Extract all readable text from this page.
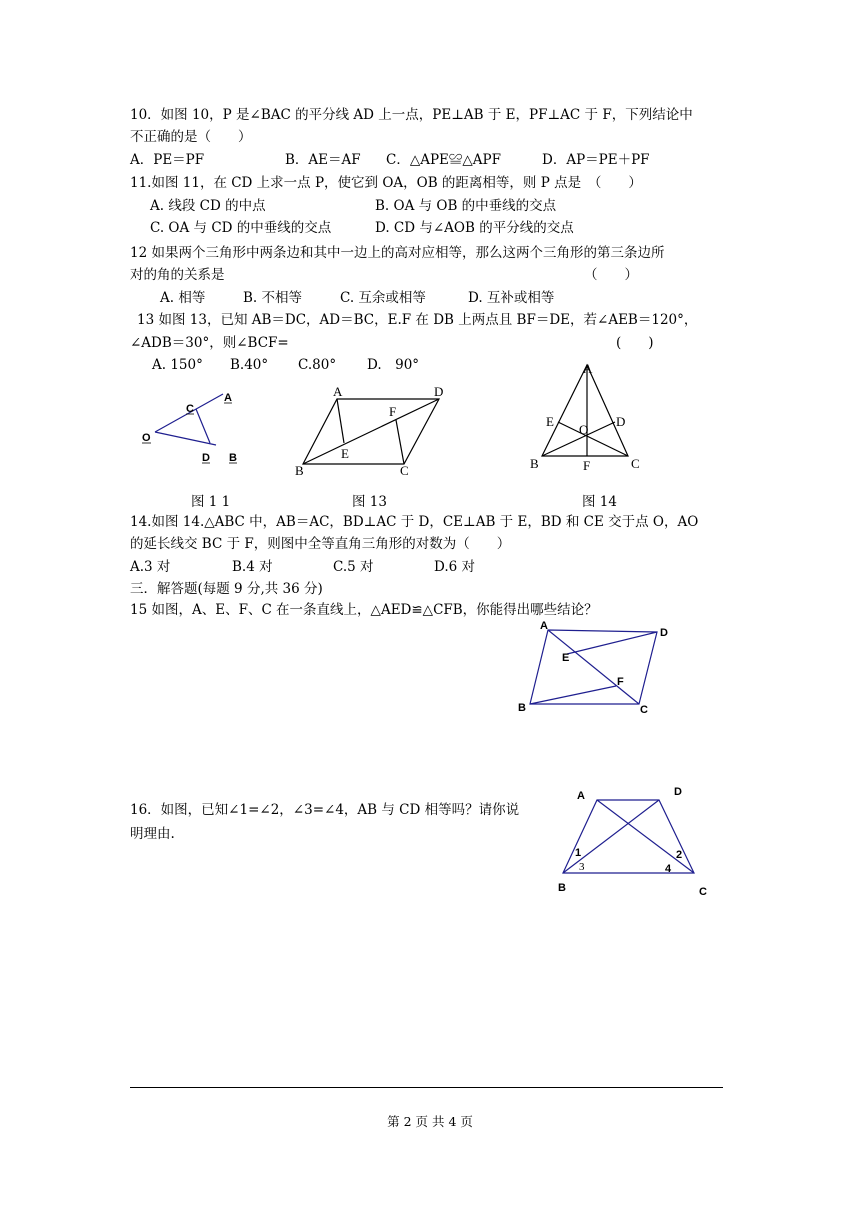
10．如图 10，P 是∠BAC 的平分线 AD 上一点，PE⊥AB 于 E，PF⊥AC 于 F，下列结论中
不正确的是（　　）
A．PE＝PF	B．AE＝AF C．△APE≌△APF	D．AP＝PE＋PF
11.如图 11，在 CD 上求一点 P，使它到 OA，OB 的距离相等，则 P 点是　（　　）
A. 线段 CD 的中点	B. OA 与 OB 的中垂线的交点
C. OA 与 CD 的中垂线的交点	D. CD 与∠AOB 的平分线的交点
12 如果两个三角形中两条边和其中一边上的高对应相等，那么这两个三角形的第三条边所
对的角的关系是	（　　）
A. 相等	B. 不相等	C. 互余或相等	D. 互补或相等
13 如图 13，已知 AB＝DC，AD＝BC，E.F 在 DB 上两点且 BF＝DE，若∠AEB＝120°，
∠ADB＝30°，则∠BCF=	(　　)
A. 150° B.40° C.80° D.　90°
A
C
O
D B
A	D
F
E
B	C
A
E	D
O
B	F	C
图 1 1	图 13	图 14
14.如图 14.△ABC 中，AB＝AC，BD⊥AC 于 D，CE⊥AB 于 E，BD 和 CE 交于点 O，AO
的延长线交 BC 于 F，则图中全等直角三角形的对数为（　　）
A.3 对	B.4 对	C.5 对	D.6 对
三．解答题(每题 9 分,共 36 分)
15 如图，A、E、F、C 在一条直线上，△AED≌△CFB，你能得出哪些结论？
A
D
E
F
B	C
16．如图，已知∠1=∠2，∠3=∠4，AB 与 CD 相等吗？请你说
明理由.
A	D
1	2
3	4
B	C
第 2 页 共 4 页
